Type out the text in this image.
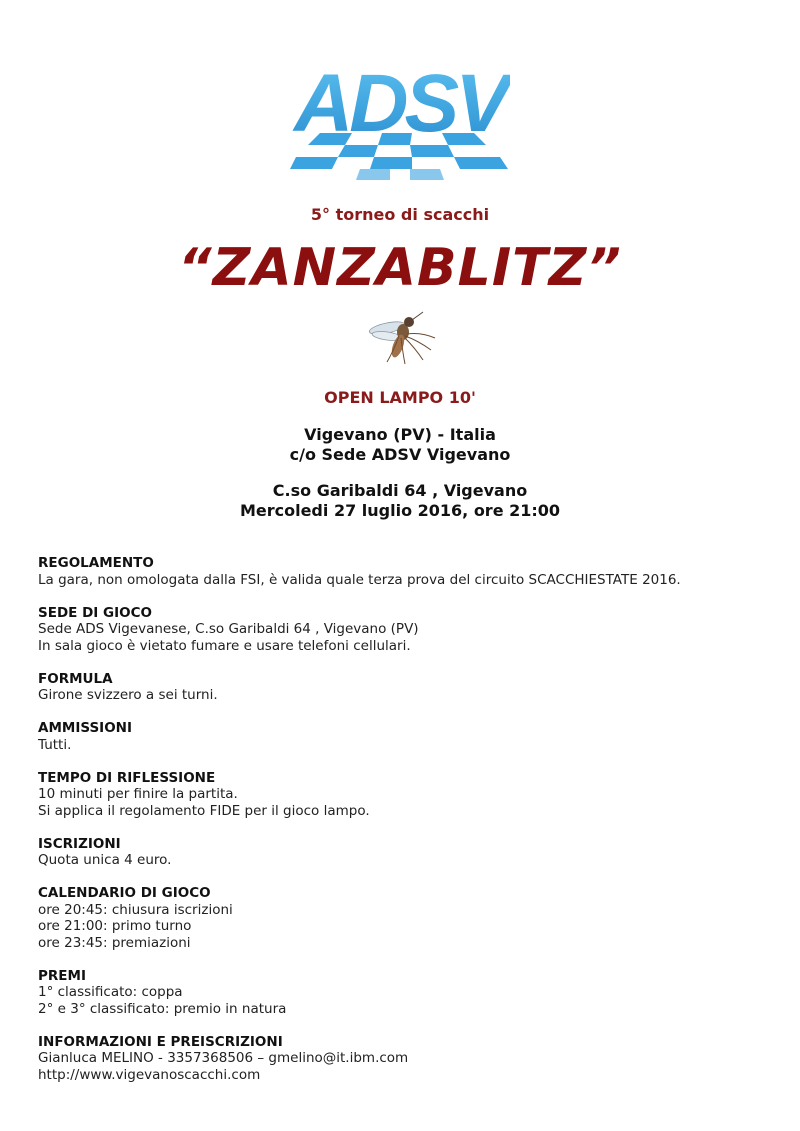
ADSV
5° torneo di scacchi
“ZANZABLITZ”
OPEN LAMPO 10'
Vigevano (PV) - Italia
c/o Sede ADSV Vigevano
C.so Garibaldi 64 , Vigevano
Mercoledi 27 luglio 2016, ore 21:00
REGOLAMENTO
La gara, non omologata dalla FSI, è valida quale terza prova del circuito SCACCHIESTATE 2016.
SEDE DI GIOCO
Sede ADS Vigevanese, C.so Garibaldi 64 , Vigevano (PV)
In sala gioco è vietato fumare e usare telefoni cellulari.
FORMULA
Girone svizzero a sei turni.
AMMISSIONI
Tutti.
TEMPO DI RIFLESSIONE
10 minuti per finire la partita.
Si applica il regolamento FIDE per il gioco lampo.
ISCRIZIONI
Quota unica 4 euro.
CALENDARIO DI GIOCO
ore 20:45: chiusura iscrizioni
ore 21:00: primo turno
ore 23:45: premiazioni
PREMI
1° classificato: coppa
2° e 3° classificato: premio in natura
INFORMAZIONI E PREISCRIZIONI
Gianluca MELINO - 3357368506 – gmelino@it.ibm.com
http://www.vigevanoscacchi.com
